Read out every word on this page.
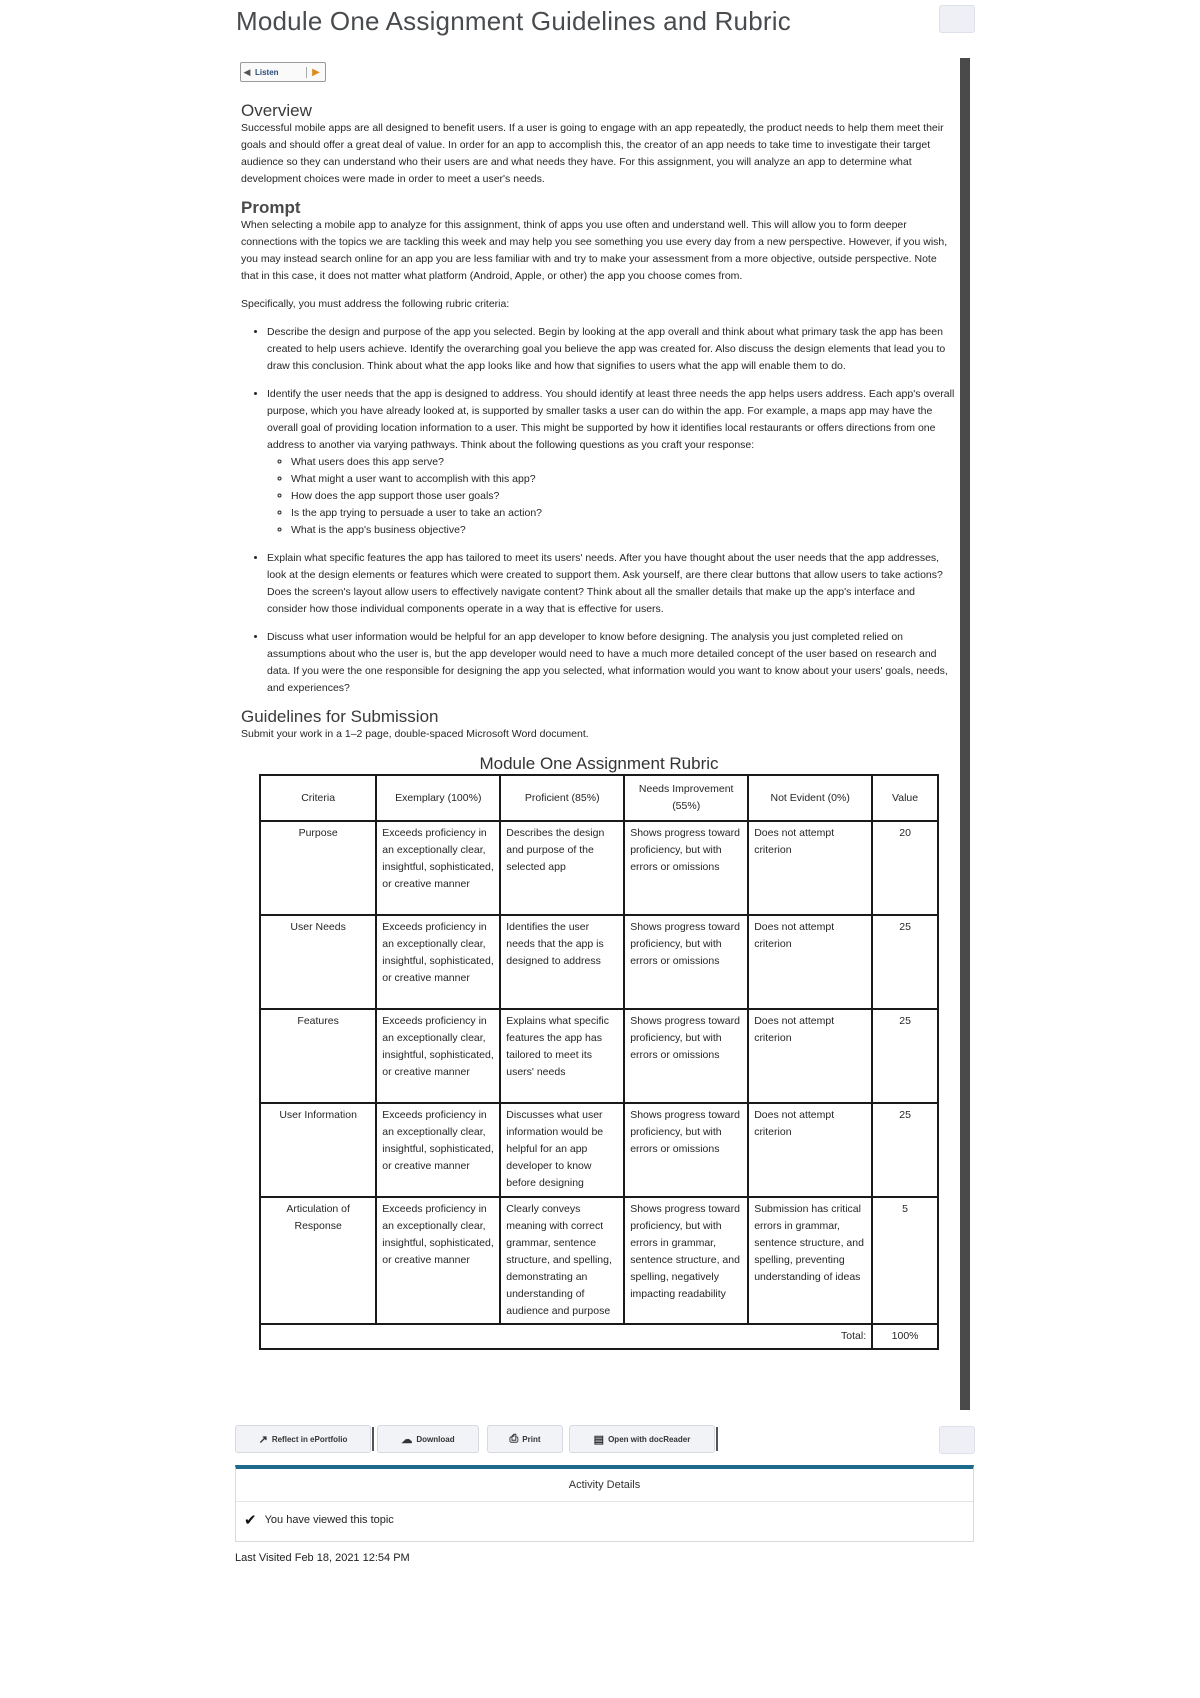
Module One Assignment Guidelines and Rubric
◀ Listen	▶
Overview

Successful mobile apps are all designed to benefit users. If a user is going to engage with an app repeatedly, the product needs to help them meet their goals and should offer a great deal of value. In order for an app to accomplish this, the creator of an app needs to take time to investigate their target audience so they can understand who their users are and what needs they have. For this assignment, you will analyze an app to determine what development choices were made in order to meet a user's needs.

Prompt

When selecting a mobile app to analyze for this assignment, think of apps you use often and understand well. This will allow you to form deeper connections with the topics we are tackling this week and may help you see something you use every day from a new perspective. However, if you wish, you may instead search online for an app you are less familiar with and try to make your assessment from a more objective, outside perspective. Note that in this case, it does not matter what platform (Android, Apple, or other) the app you choose comes from.

Specifically, you must address the following rubric criteria:

• Describe the design and purpose of the app you selected. Begin by looking at the app overall and think about what primary task the app has been created to help users achieve. Identify the overarching goal you believe the app was created for. Also discuss the design elements that lead you to draw this conclusion. Think about what the app looks like and how that signifies to users what the app will enable them to do.
• Identify the user needs that the app is designed to address. You should identify at least three needs the app helps users address. Each app's overall purpose, which you have already looked at, is supported by smaller tasks a user can do within the app. For example, a maps app may have the overall goal of providing location information to a user. This might be supported by how it identifies local restaurants or offers directions from one address to another via varying pathways. Think about the following questions as you craft your response:
◦ What users does this app serve?
◦ What might a user want to accomplish with this app?
◦ How does the app support those user goals?
◦ Is the app trying to persuade a user to take an action?
◦ What is the app's business objective?
• Explain what specific features the app has tailored to meet its users' needs. After you have thought about the user needs that the app addresses, look at the design elements or features which were created to support them. Ask yourself, are there clear buttons that allow users to take actions? Does the screen's layout allow users to effectively navigate content? Think about all the smaller details that make up the app's interface and consider how those individual components operate in a way that is effective for users.
• Discuss what user information would be helpful for an app developer to know before designing. The analysis you just completed relied on assumptions about who the user is, but the app developer would need to have a much more detailed concept of the user based on research and data. If you were the one responsible for designing the app you selected, what information would you want to know about your users' goals, needs, and experiences?
Guidelines for Submission

Submit your work in a 1–2 page, double-spaced Microsoft Word document.

Module One Assignment Rubric
Criteria	Exemplary (100%)	Proficient (85%)	Needs Improvement (55%)	Not Evident (0%)	Value
Purpose	Exceeds proficiency in an exceptionally clear, insightful, sophisticated, or creative manner	Describes the design and purpose of the selected app	Shows progress toward proficiency, but with errors or omissions	Does not attempt criterion	20
User Needs	Exceeds proficiency in an exceptionally clear, insightful, sophisticated, or creative manner	Identifies the user needs that the app is designed to address	Shows progress toward proficiency, but with errors or omissions	Does not attempt criterion	25
Features	Exceeds proficiency in an exceptionally clear, insightful, sophisticated, or creative manner	Explains what specific features the app has tailored to meet its users' needs	Shows progress toward proficiency, but with errors or omissions	Does not attempt criterion	25
User Information	Exceeds proficiency in an exceptionally clear, insightful, sophisticated, or creative manner	Discusses what user information would be helpful for an app developer to know before designing	Shows progress toward proficiency, but with errors or omissions	Does not attempt criterion	25
Articulation of Response	Exceeds proficiency in an exceptionally clear, insightful, sophisticated, or creative manner	Clearly conveys meaning with correct grammar, sentence structure, and spelling, demonstrating an understanding of audience and purpose	Shows progress toward proficiency, but with errors in grammar, sentence structure, and spelling, negatively impacting readability	Submission has critical errors in grammar, sentence structure, and spelling, preventing understanding of ideas	5
Total:					100%
↗ Reflect in ePortfolio	☁ Download	⎙ Print	▤ Open with docReader
Activity Details
✔ You have viewed this topic
Last Visited Feb 18, 2021 12:54 PM
